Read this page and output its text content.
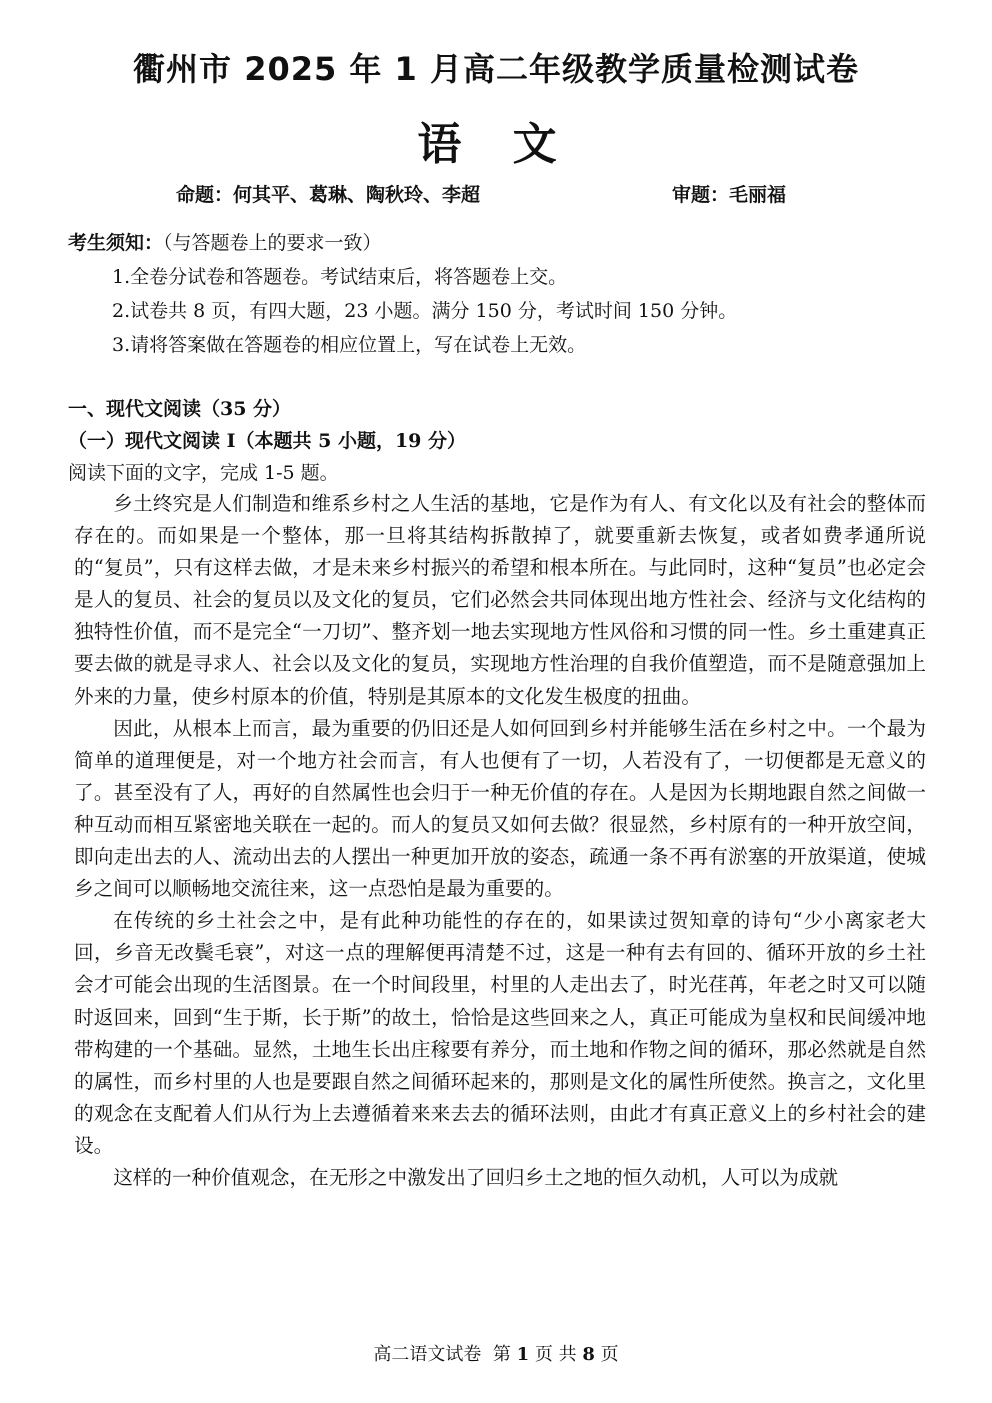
衢州市 2025 年 1 月高二年级教学质量检测试卷
语 文
命题：何其平、葛琳、陶秋玲、李超	审题：毛丽福
考生须知：（与答题卷上的要求一致）
1.全卷分试卷和答题卷。考试结束后，将答题卷上交。
2.试卷共 8 页，有四大题，23 小题。满分 150 分，考试时间 150 分钟。
3.请将答案做在答题卷的相应位置上，写在试卷上无效。
一、现代文阅读（35 分）
（一）现代文阅读 I（本题共 5 小题，19 分）
阅读下面的文字，完成 1-5 题。

乡土终究是人们制造和维系乡村之人生活的基地，它是作为有人、有文化以及有社会的整体而存在的。而如果是一个整体，那一旦将其结构拆散掉了，就要重新去恢复，或者如费孝通所说的“复员”，只有这样去做，才是未来乡村振兴的希望和根本所在。与此同时，这种“复员”也必定会是人的复员、社会的复员以及文化的复员，它们必然会共同体现出地方性社会、经济与文化结构的独特性价值，而不是完全“一刀切”、整齐划一地去实现地方性风俗和习惯的同一性。乡土重建真正要去做的就是寻求人、社会以及文化的复员，实现地方性治理的自我价值塑造，而不是随意强加上外来的力量，使乡村原本的价值，特别是其原本的文化发生极度的扭曲。

因此，从根本上而言，最为重要的仍旧还是人如何回到乡村并能够生活在乡村之中。一个最为简单的道理便是，对一个地方社会而言，有人也便有了一切，人若没有了，一切便都是无意义的了。甚至没有了人，再好的自然属性也会归于一种无价值的存在。人是因为长期地跟自然之间做一种互动而相互紧密地关联在一起的。而人的复员又如何去做？很显然，乡村原有的一种开放空间，即向走出去的人、流动出去的人摆出一种更加开放的姿态，疏通一条不再有淤塞的开放渠道，使城乡之间可以顺畅地交流往来，这一点恐怕是最为重要的。

在传统的乡土社会之中，是有此种功能性的存在的，如果读过贺知章的诗句“少小离家老大回，乡音无改鬓毛衰”，对这一点的理解便再清楚不过，这是一种有去有回的、循环开放的乡土社会才可能会出现的生活图景。在一个时间段里，村里的人走出去了，时光荏苒，年老之时又可以随时返回来，回到“生于斯，长于斯”的故土，恰恰是这些回来之人，真正可能成为皇权和民间缓冲地带构建的一个基础。显然，土地生长出庄稼要有养分，而土地和作物之间的循环，那必然就是自然的属性，而乡村里的人也是要跟自然之间循环起来的，那则是文化的属性所使然。换言之，文化里的观念在支配着人们从行为上去遵循着来来去去的循环法则，由此才有真正意义上的乡村社会的建设。

这样的一种价值观念，在无形之中激发出了回归乡土之地的恒久动机，人可以为成就

高二语文试卷 第 1 页 共 8 页
